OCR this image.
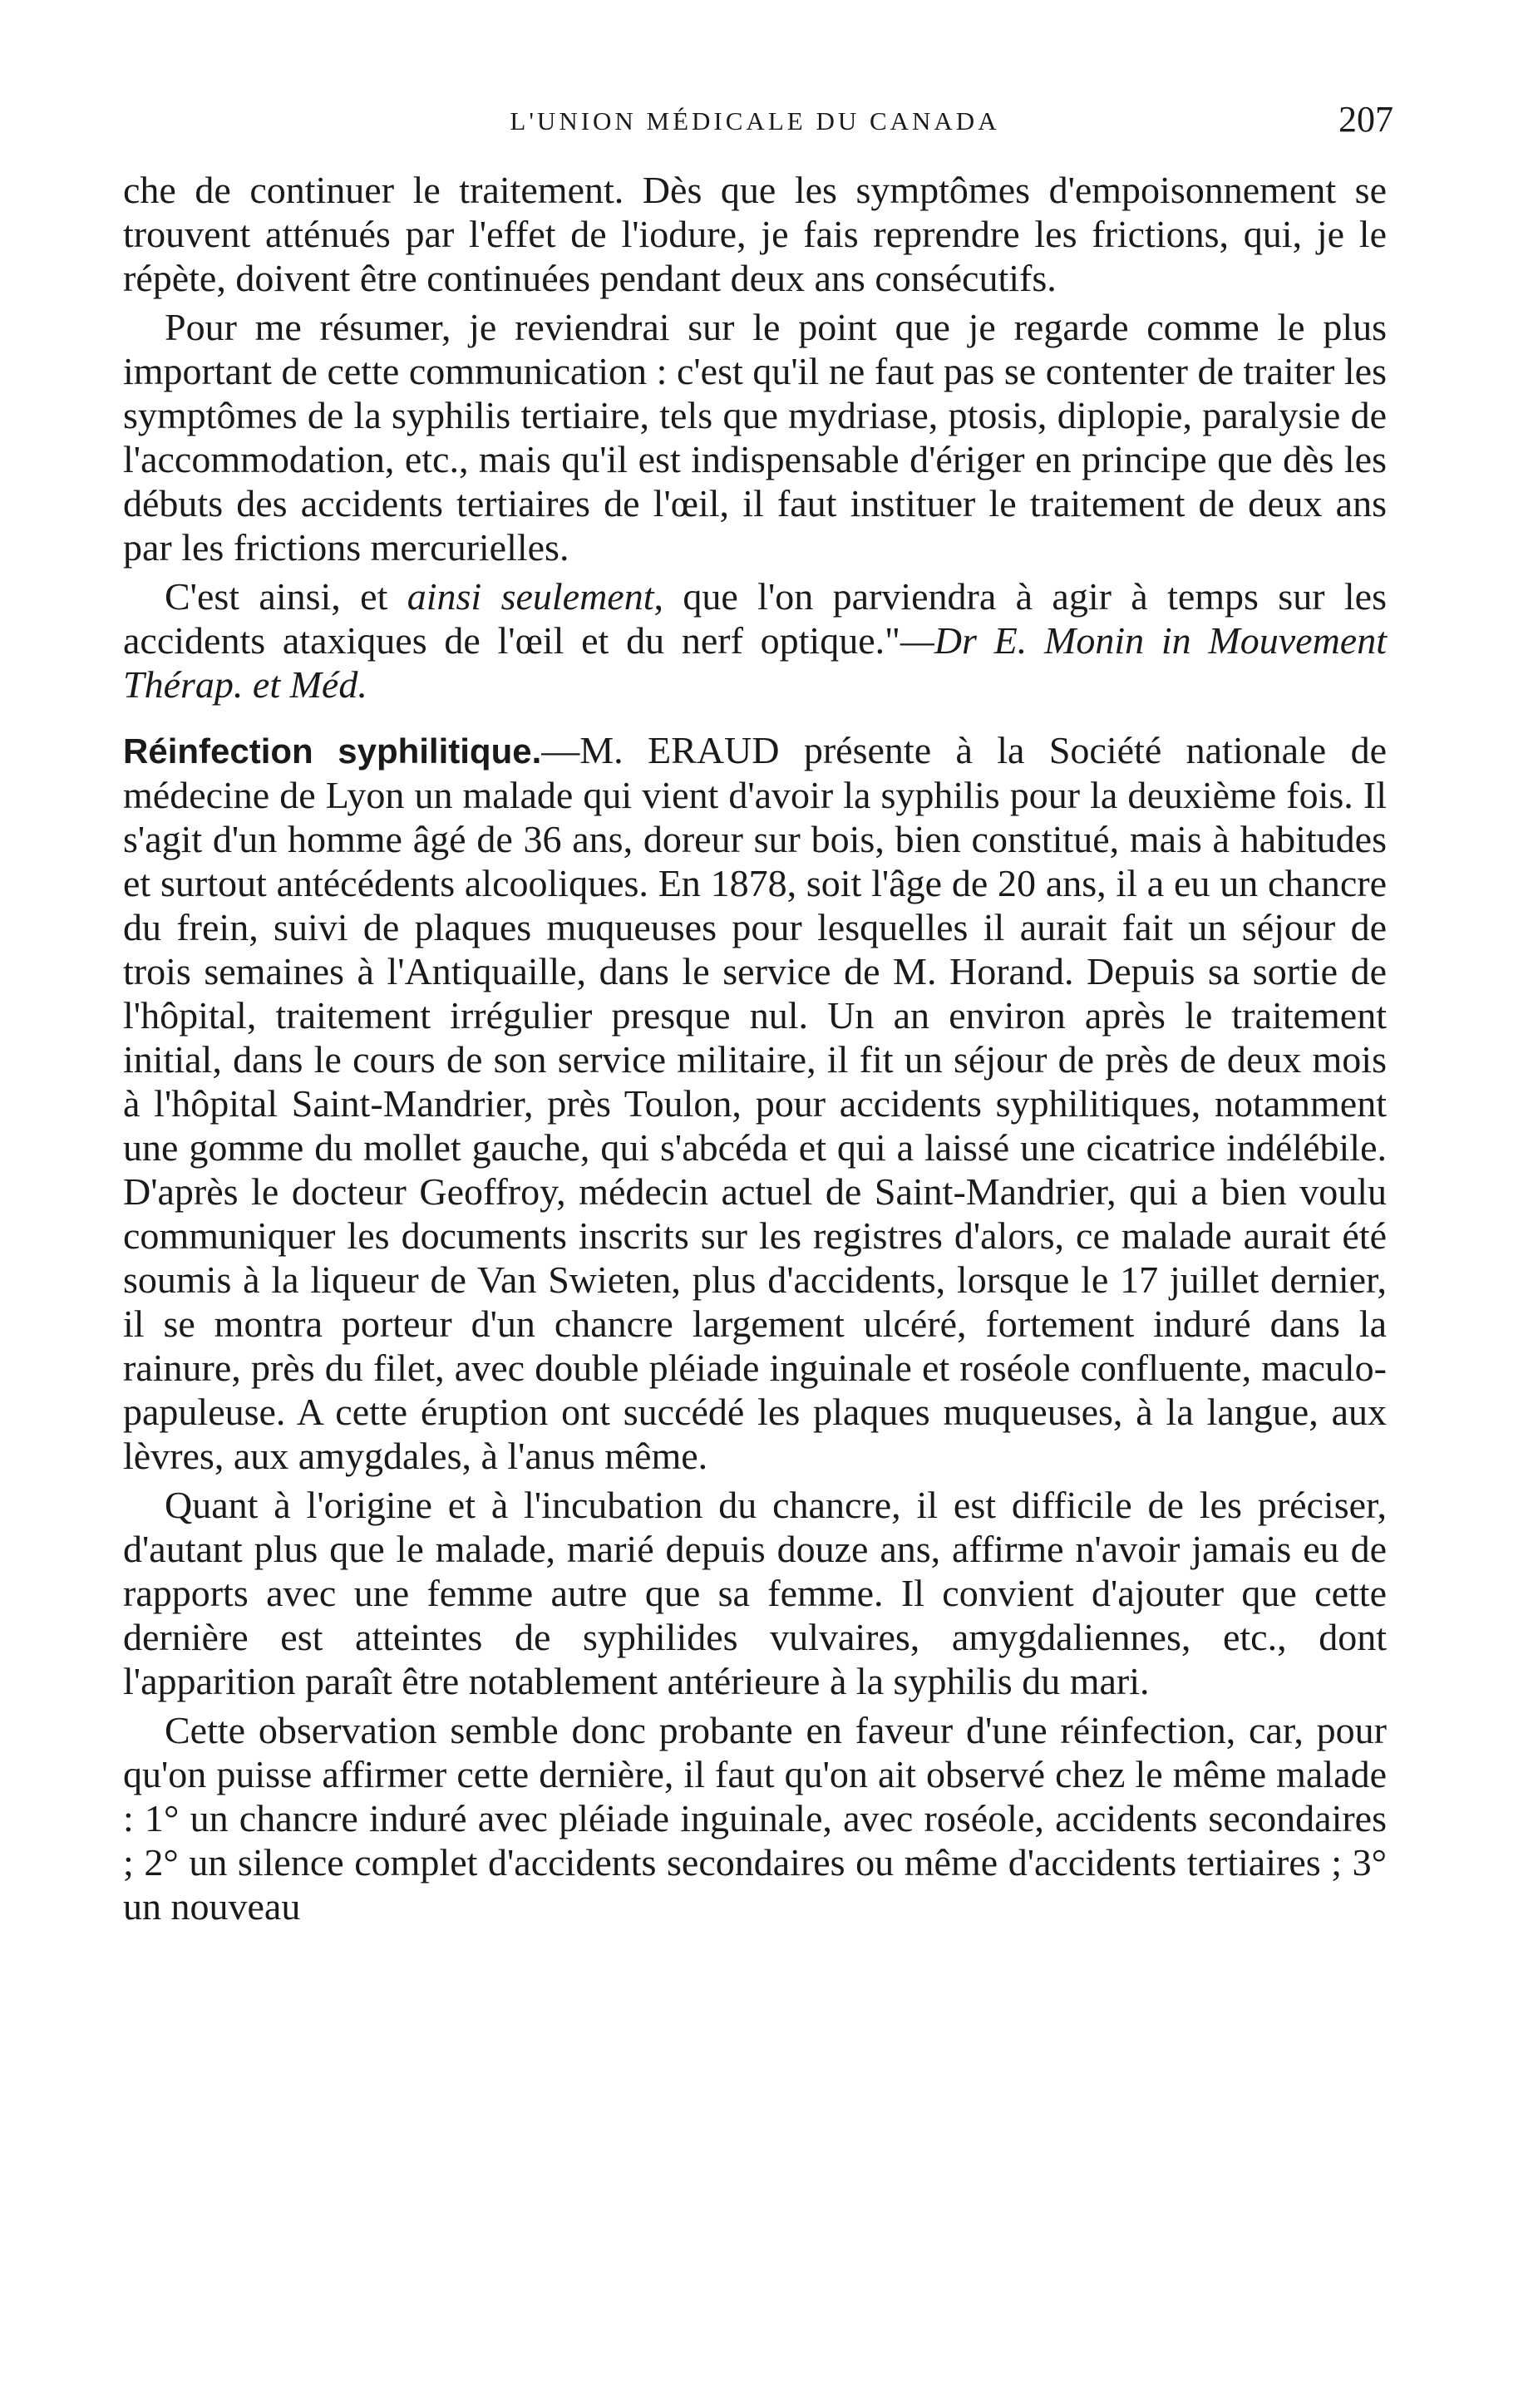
L'UNION MÉDICALE DU CANADA	207

che de continuer le traitement. Dès que les symptômes d'empoisonnement se trouvent atténués par l'effet de l'iodure, je fais reprendre les frictions, qui, je le répète, doivent être continuées pendant deux ans consécutifs.

Pour me résumer, je reviendrai sur le point que je regarde comme le plus important de cette communication : c'est qu'il ne faut pas se contenter de traiter les symptômes de la syphilis tertiaire, tels que mydriase, ptosis, diplopie, paralysie de l'accommodation, etc., mais qu'il est indispensable d'ériger en principe que dès les débuts des accidents tertiaires de l'œil, il faut instituer le traitement de deux ans par les frictions mercurielles.

C'est ainsi, et ainsi seulement, que l'on parviendra à agir à temps sur les accidents ataxiques de l'œil et du nerf optique."—Dr E. Monin in Mouvement Thérap. et Méd.

Réinfection syphilitique.—M. ERAUD présente à la Société nationale de médecine de Lyon un malade qui vient d'avoir la syphilis pour la deuxième fois. Il s'agit d'un homme âgé de 36 ans, doreur sur bois, bien constitué, mais à habitudes et surtout antécédents alcooliques. En 1878, soit l'âge de 20 ans, il a eu un chancre du frein, suivi de plaques muqueuses pour lesquelles il aurait fait un séjour de trois semaines à l'Antiquaille, dans le service de M. Horand. Depuis sa sortie de l'hôpital, traitement irrégulier presque nul. Un an environ après le traitement initial, dans le cours de son service militaire, il fit un séjour de près de deux mois à l'hôpital Saint-Mandrier, près Toulon, pour accidents syphilitiques, notamment une gomme du mollet gauche, qui s'abcéda et qui a laissé une cicatrice indélébile. D'après le docteur Geoffroy, médecin actuel de Saint-Mandrier, qui a bien voulu communiquer les documents inscrits sur les registres d'alors, ce malade aurait été soumis à la liqueur de Van Swieten, plus d'accidents, lorsque le 17 juillet dernier, il se montra porteur d'un chancre largement ulcéré, fortement induré dans la rainure, près du filet, avec double pléiade inguinale et roséole confluente, maculo-papuleuse. A cette éruption ont succédé les plaques muqueuses, à la langue, aux lèvres, aux amygdales, à l'anus même.

Quant à l'origine et à l'incubation du chancre, il est difficile de les préciser, d'autant plus que le malade, marié depuis douze ans, affirme n'avoir jamais eu de rapports avec une femme autre que sa femme. Il convient d'ajouter que cette dernière est atteintes de syphilides vulvaires, amygdaliennes, etc., dont l'apparition paraît être notablement antérieure à la syphilis du mari.

Cette observation semble donc probante en faveur d'une réinfection, car, pour qu'on puisse affirmer cette dernière, il faut qu'on ait observé chez le même malade : 1° un chancre induré avec pléiade inguinale, avec roséole, accidents secondaires ; 2° un silence complet d'accidents secondaires ou même d'accidents tertiaires ; 3° un nouveau
